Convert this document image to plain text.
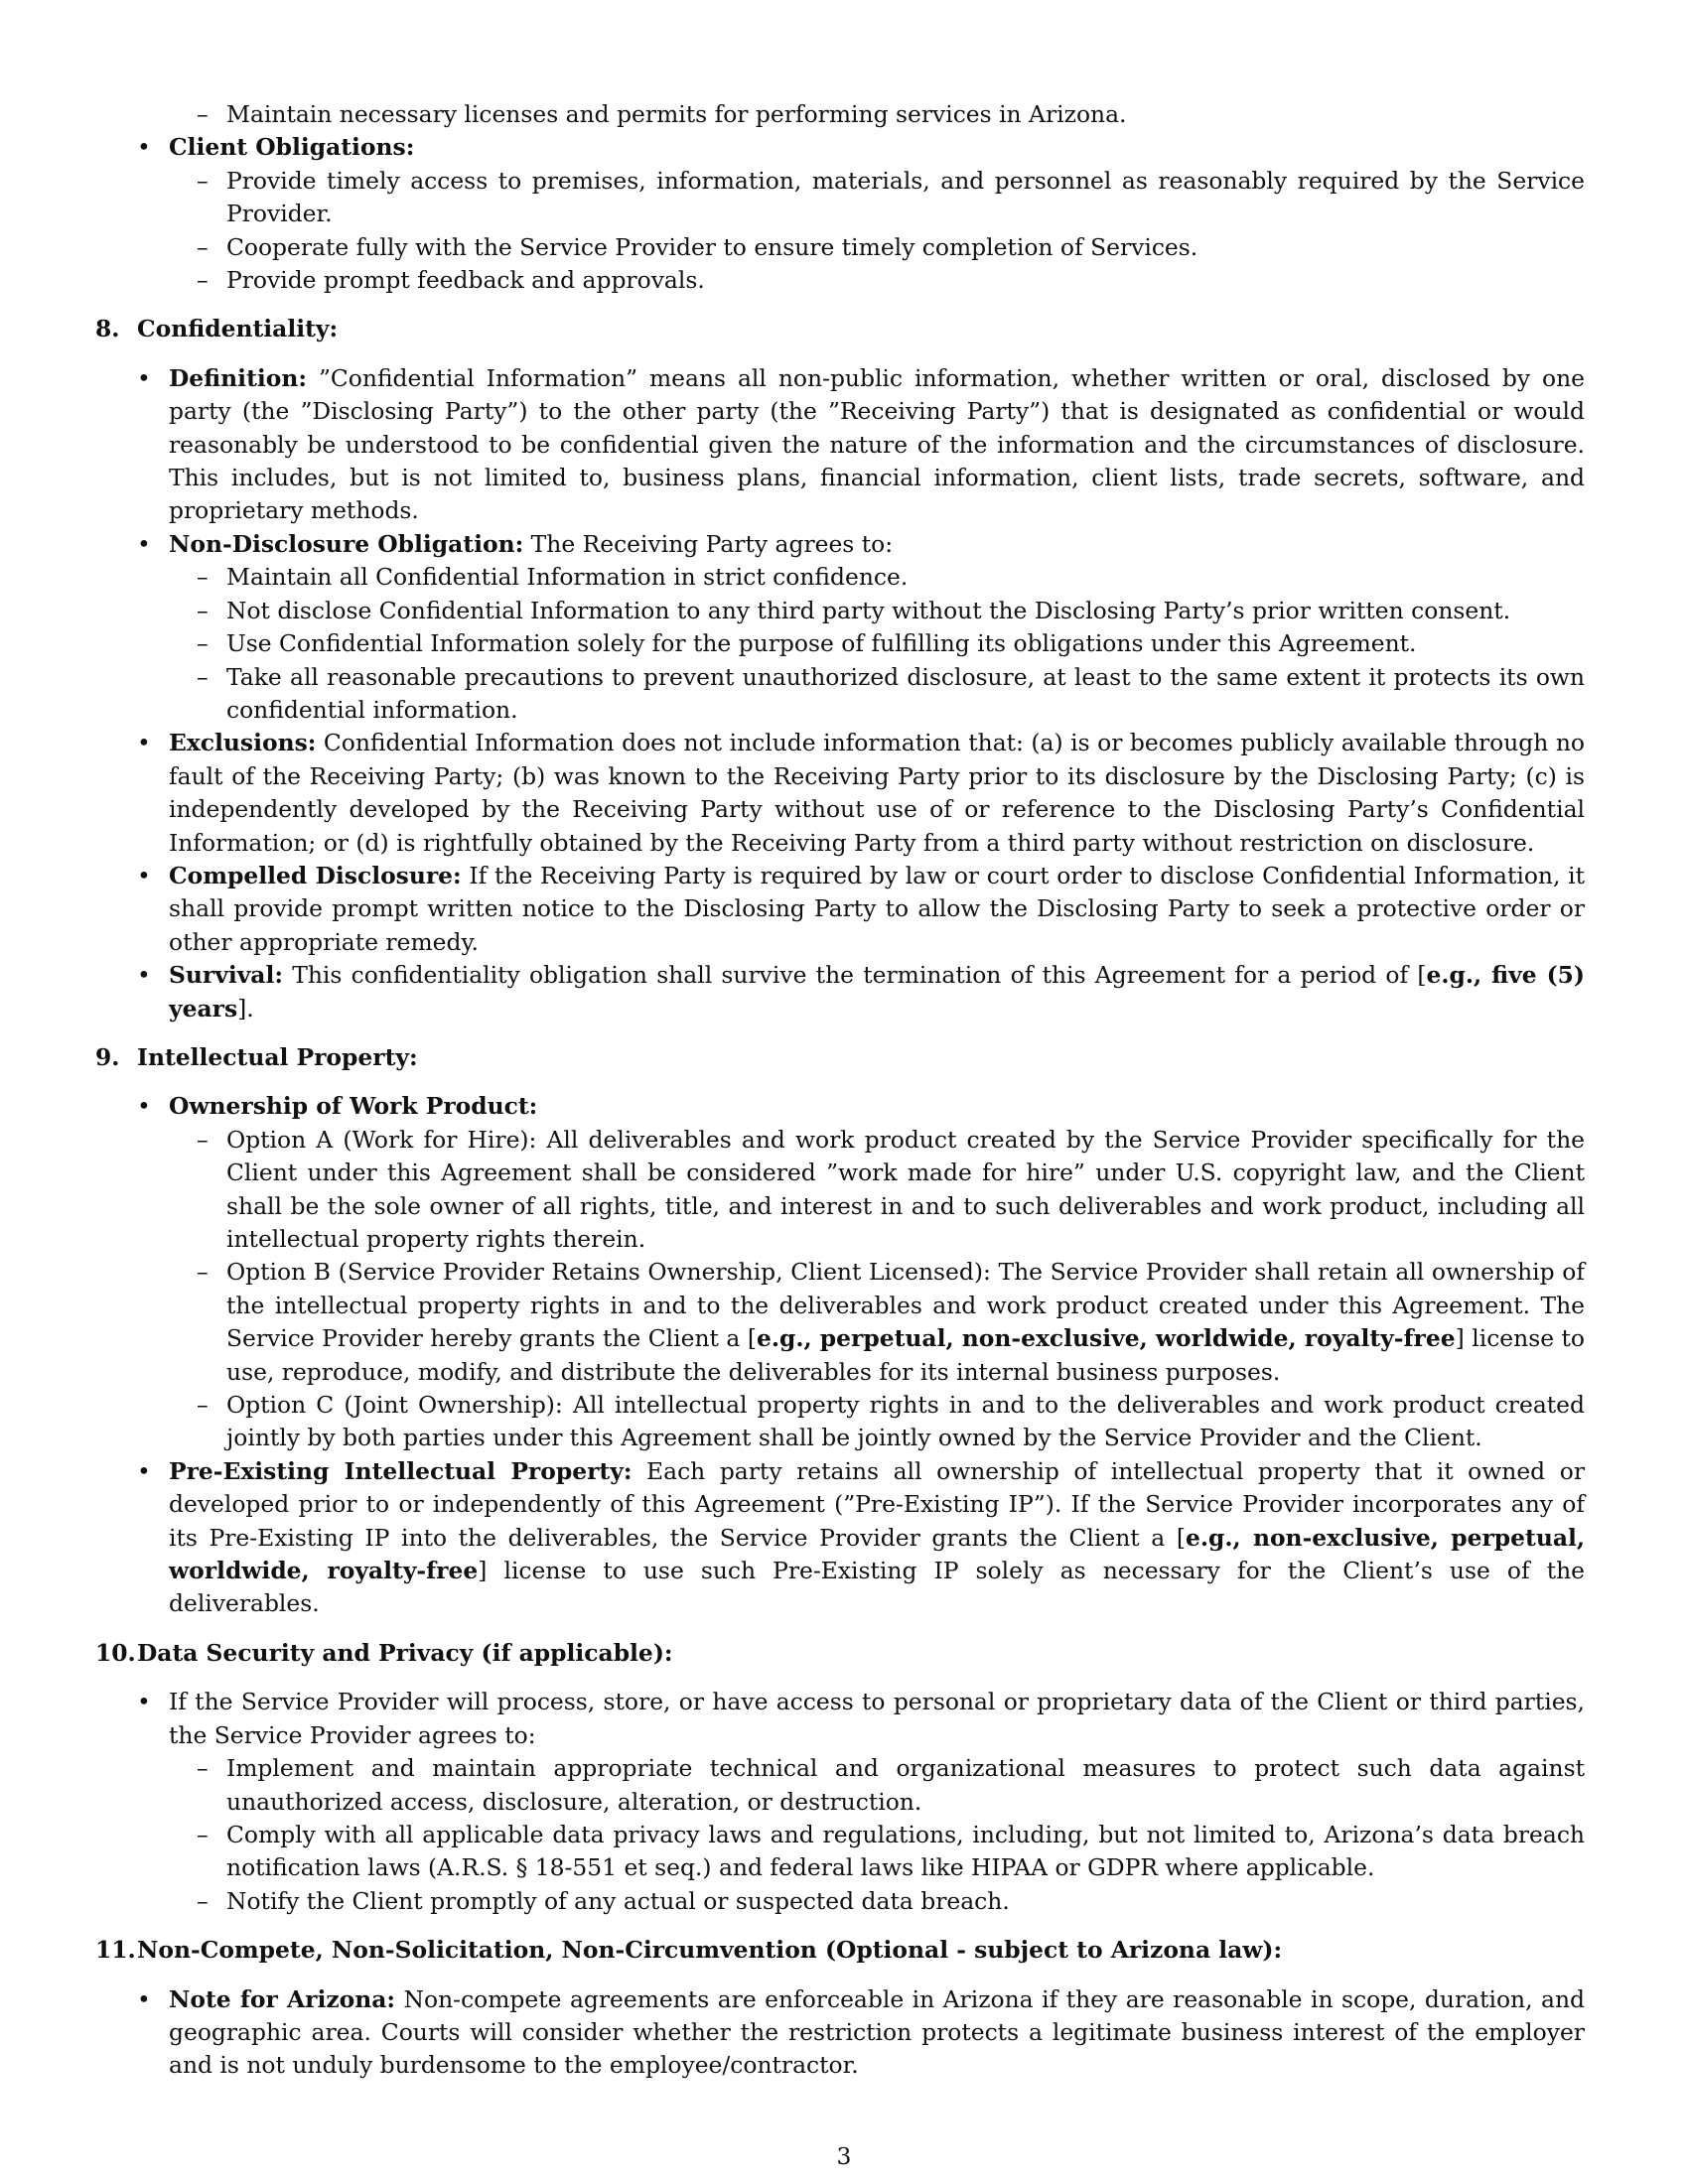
– Maintain necessary licenses and permits for performing services in Arizona.

• Client Obligations:

– Provide timely access to premises, information, materials, and personnel as reasonably required by the Service Provider.

– Cooperate fully with the Service Provider to ensure timely completion of Services.

– Provide prompt feedback and approvals.

8. Confidentiality:

• Definition: ”Confidential Information” means all non-public information, whether written or oral, disclosed by one party (the ”Disclosing Party”) to the other party (the ”Receiving Party”) that is designated as confidential or would reasonably be understood to be confidential given the nature of the information and the circumstances of disclosure. This includes, but is not limited to, business plans, financial information, client lists, trade secrets, software, and proprietary methods.

• Non-Disclosure Obligation: The Receiving Party agrees to:

– Maintain all Confidential Information in strict confidence.

– Not disclose Confidential Information to any third party without the Disclosing Party’s prior written consent.

– Use Confidential Information solely for the purpose of fulfilling its obligations under this Agreement.

– Take all reasonable precautions to prevent unauthorized disclosure, at least to the same extent it protects its own confidential information.

• Exclusions: Confidential Information does not include information that: (a) is or becomes publicly available through no fault of the Receiving Party; (b) was known to the Receiving Party prior to its disclosure by the Disclosing Party; (c) is independently developed by the Receiving Party without use of or reference to the Disclosing Party’s Confidential Information; or (d) is rightfully obtained by the Receiving Party from a third party without restriction on disclosure.

• Compelled Disclosure: If the Receiving Party is required by law or court order to disclose Confidential Information, it shall provide prompt written notice to the Disclosing Party to allow the Disclosing Party to seek a protective order or other appropriate remedy.

• Survival: This confidentiality obligation shall survive the termination of this Agreement for a period of [e.g., five (5) years].

9. Intellectual Property:

• Ownership of Work Product:

– Option A (Work for Hire): All deliverables and work product created by the Service Provider specifically for the Client under this Agreement shall be considered ”work made for hire” under U.S. copyright law, and the Client shall be the sole owner of all rights, title, and interest in and to such deliverables and work product, including all intellectual property rights therein.

– Option B (Service Provider Retains Ownership, Client Licensed): The Service Provider shall retain all ownership of the intellectual property rights in and to the deliverables and work product created under this Agreement. The Service Provider hereby grants the Client a [e.g., perpetual, non-exclusive, worldwide, royalty-free] license to use, reproduce, modify, and distribute the deliverables for its internal business purposes.

– Option C (Joint Ownership): All intellectual property rights in and to the deliverables and work product created jointly by both parties under this Agreement shall be jointly owned by the Service Provider and the Client.

• Pre-Existing Intellectual Property: Each party retains all ownership of intellectual property that it owned or developed prior to or independently of this Agreement (”Pre-Existing IP”). If the Service Provider incorporates any of its Pre-Existing IP into the deliverables, the Service Provider grants the Client a [e.g., non-exclusive, perpetual, worldwide, royalty-free] license to use such Pre-Existing IP solely as necessary for the Client’s use of the deliverables.

10. Data Security and Privacy (if applicable):

• If the Service Provider will process, store, or have access to personal or proprietary data of the Client or third parties, the Service Provider agrees to:

– Implement and maintain appropriate technical and organizational measures to protect such data against unauthorized access, disclosure, alteration, or destruction.

– Comply with all applicable data privacy laws and regulations, including, but not limited to, Arizona’s data breach notification laws (A.R.S. § 18-551 et seq.) and federal laws like HIPAA or GDPR where applicable.

– Notify the Client promptly of any actual or suspected data breach.

11. Non-Compete, Non-Solicitation, Non-Circumvention (Optional - subject to Arizona law):

• Note for Arizona: Non-compete agreements are enforceable in Arizona if they are reasonable in scope, duration, and geographic area. Courts will consider whether the restriction protects a legitimate business interest of the employer and is not unduly burdensome to the employee/contractor.

3
